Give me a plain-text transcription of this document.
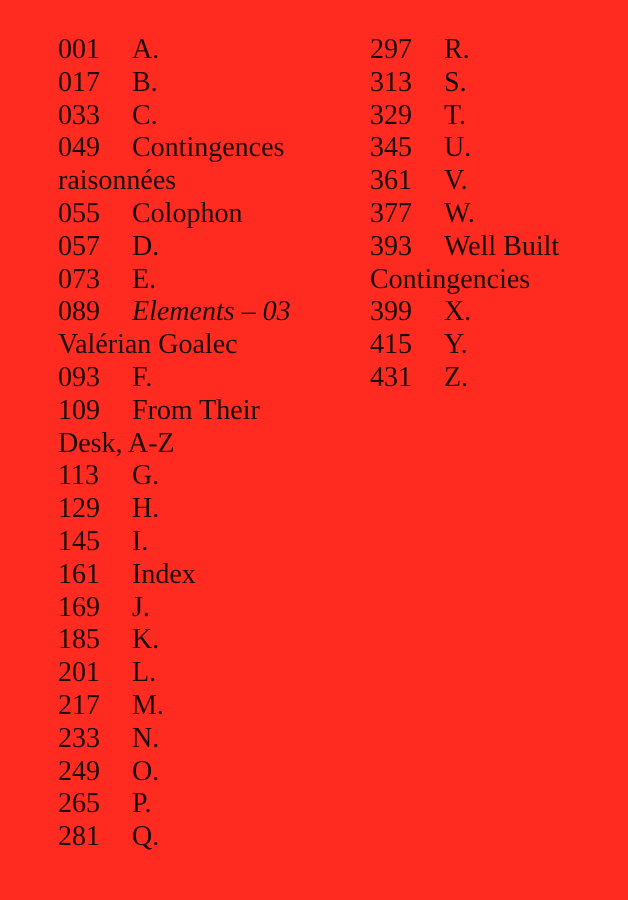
001 A.
017 B.
033 C.
049 Contingences
raisonnées
055 Colophon
057 D.
073 E.
089 Elements – 03
Valérian Goalec
093 F.
109 From Their
Desk, A-Z
113 G.
129 H.
145 I.
161 Index
169 J.
185 K.
201 L.
217 M.
233 N.
249 O.
265 P.
281 Q.
297 R.
313 S.
329 T.
345 U.
361 V.
377 W.
393 Well Built
Contingencies
399 X.
415 Y.
431 Z.
